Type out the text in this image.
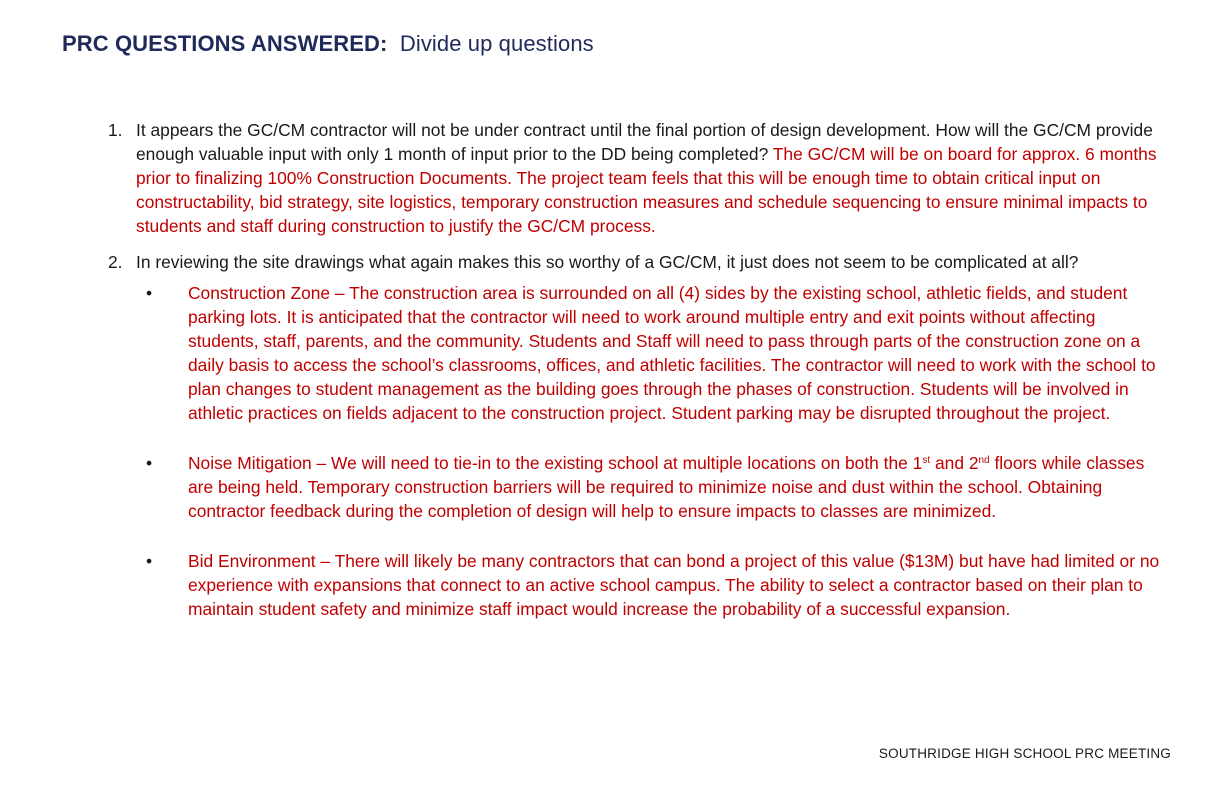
PRC QUESTIONS ANSWERED: Divide up questions
1. It appears the GC/CM contractor will not be under contract until the final portion of design development. How will the GC/CM provide enough valuable input with only 1 month of input prior to the DD being completed? The GC/CM will be on board for approx. 6 months prior to finalizing 100% Construction Documents. The project team feels that this will be enough time to obtain critical input on constructability, bid strategy, site logistics, temporary construction measures and schedule sequencing to ensure minimal impacts to students and staff during construction to justify the GC/CM process.
2. In reviewing the site drawings what again makes this so worthy of a GC/CM, it just does not seem to be complicated at all?
• Construction Zone – The construction area is surrounded on all (4) sides by the existing school, athletic fields, and student parking lots. It is anticipated that the contractor will need to work around multiple entry and exit points without affecting students, staff, parents, and the community. Students and Staff will need to pass through parts of the construction zone on a daily basis to access the school’s classrooms, offices, and athletic facilities. The contractor will need to work with the school to plan changes to student management as the building goes through the phases of construction. Students will be involved in athletic practices on fields adjacent to the construction project. Student parking may be disrupted throughout the project.
• Noise Mitigation – We will need to tie-in to the existing school at multiple locations on both the 1st and 2nd floors while classes are being held. Temporary construction barriers will be required to minimize noise and dust within the school. Obtaining contractor feedback during the completion of design will help to ensure impacts to classes are minimized.
• Bid Environment – There will likely be many contractors that can bond a project of this value ($13M) but have had limited or no experience with expansions that connect to an active school campus. The ability to select a contractor based on their plan to maintain student safety and minimize staff impact would increase the probability of a successful expansion.
SOUTHRIDGE HIGH SCHOOL PRC MEETING
